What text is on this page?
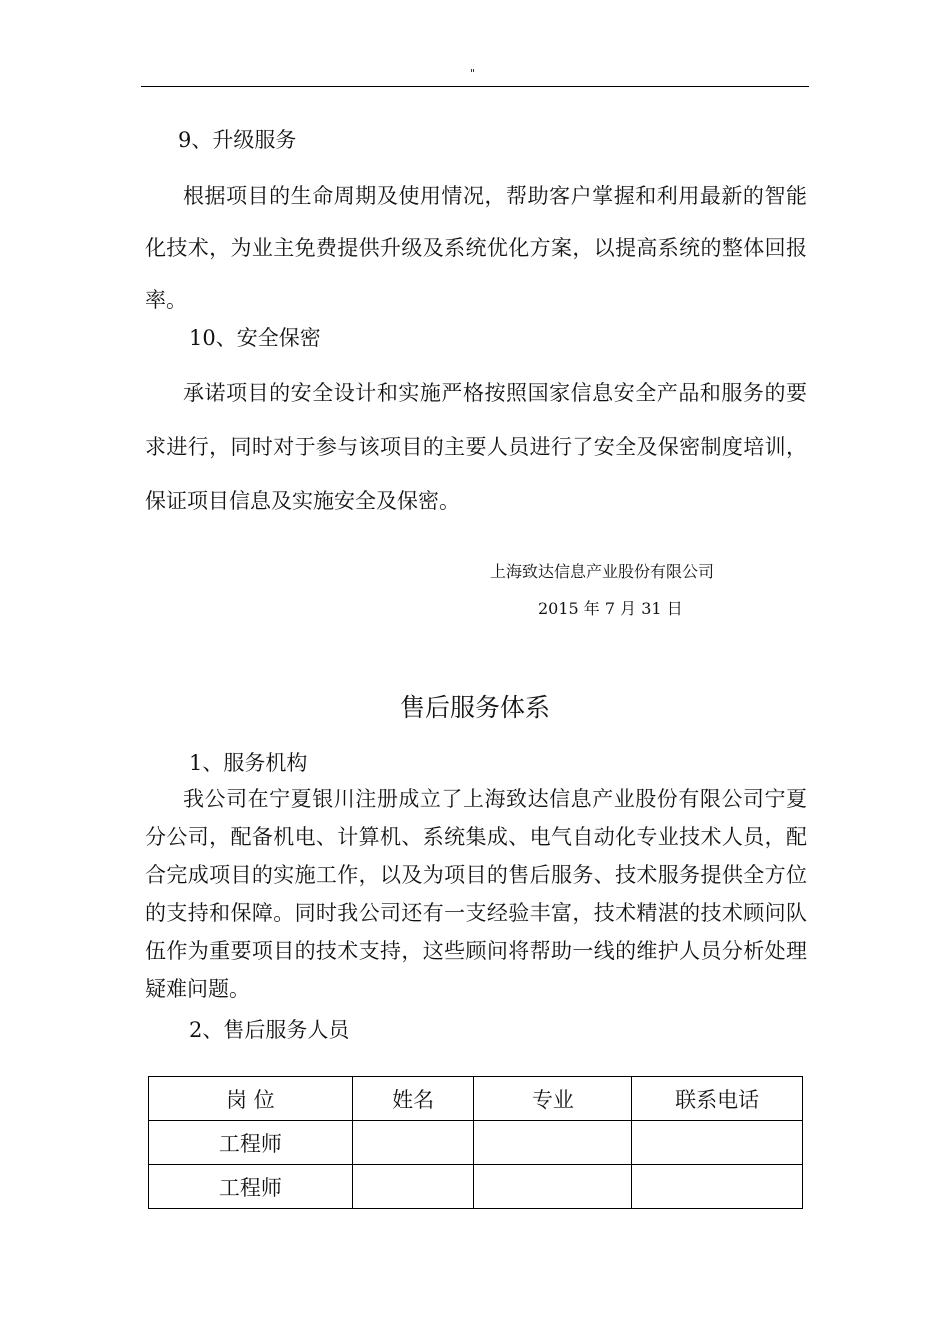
"
9、升级服务
根据项目的生命周期及使用情况，帮助客户掌握和利用最新的智能化技术，为业主免费提供升级及系统优化方案，以提高系统的整体回报率。
10、安全保密
承诺项目的安全设计和实施严格按照国家信息安全产品和服务的要求进行，同时对于参与该项目的主要人员进行了安全及保密制度培训，保证项目信息及实施安全及保密。
上海致达信息产业股份有限公司
2015 年 7 月 31 日
售后服务体系
1、服务机构
我公司在宁夏银川注册成立了上海致达信息产业股份有限公司宁夏分公司，配备机电、计算机、系统集成、电气自动化专业技术人员，配合完成项目的实施工作，以及为项目的售后服务、技术服务提供全方位的支持和保障。同时我公司还有一支经验丰富，技术精湛的技术顾问队伍作为重要项目的技术支持，这些顾问将帮助一线的维护人员分析处理疑难问题。
2、售后服务人员
岗 位	姓名	专业	联系电话
工程师			
工程师			
